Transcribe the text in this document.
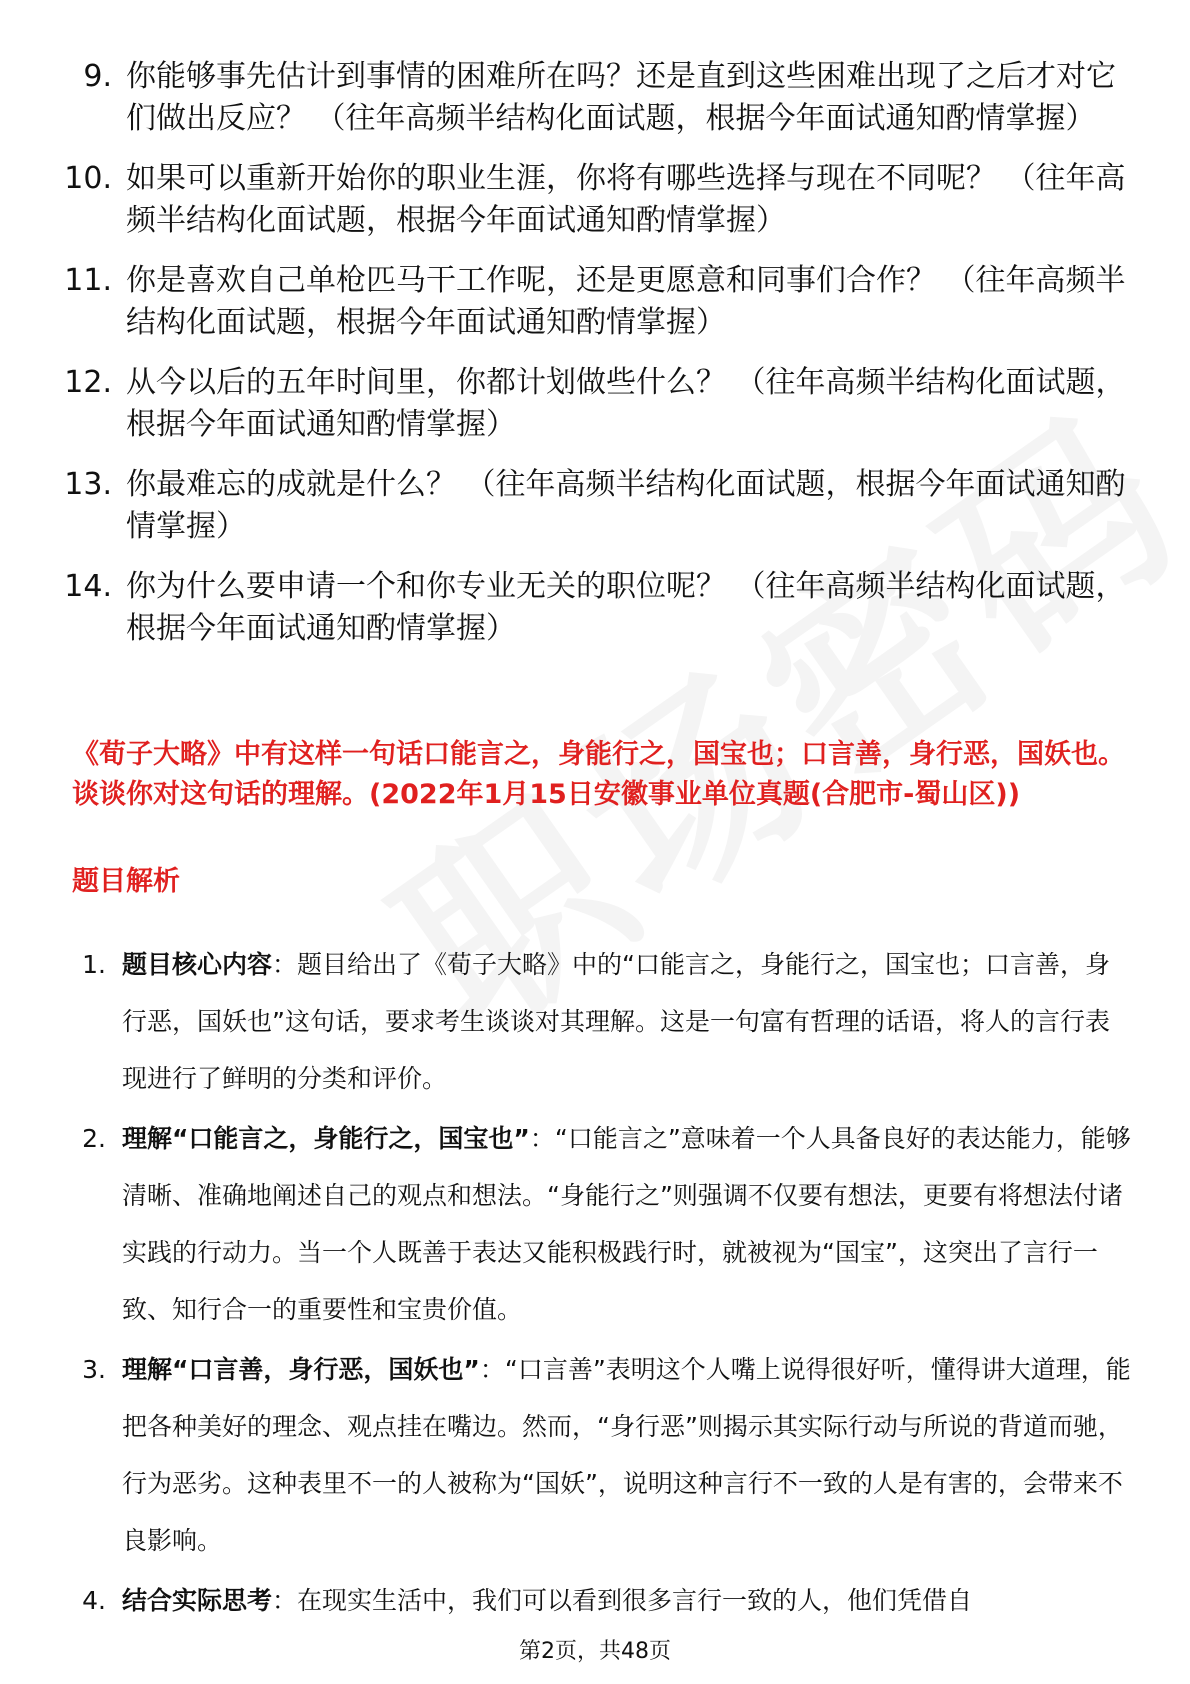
9. 你能够事先估计到事情的困难所在吗？还是直到这些困难出现了之后才对它们做出反应？ （往年高频半结构化面试题，根据今年面试通知酌情掌握）
10. 如果可以重新开始你的职业生涯，你将有哪些选择与现在不同呢？ （往年高频半结构化面试题，根据今年面试通知酌情掌握）
11. 你是喜欢自己单枪匹马干工作呢，还是更愿意和同事们合作？ （往年高频半结构化面试题，根据今年面试通知酌情掌握）
12. 从今以后的五年时间里，你都计划做些什么？ （往年高频半结构化面试题，根据今年面试通知酌情掌握）
13. 你最难忘的成就是什么？ （往年高频半结构化面试题，根据今年面试通知酌情掌握）
14. 你为什么要申请一个和你专业无关的职位呢？ （往年高频半结构化面试题，根据今年面试通知酌情掌握）

《荀子大略》中有这样一句话口能言之，身能行之，国宝也；口言善，身行恶，国妖也。谈谈你对这句话的理解。(2022年1月15日安徽事业单位真题(合肥市-蜀山区))

题目解析

1. 题目核心内容：题目给出了《荀子大略》中的“口能言之，身能行之，国宝也；口言善，身行恶，国妖也”这句话，要求考生谈谈对其理解。这是一句富有哲理的话语，将人的言行表现进行了鲜明的分类和评价。
2. 理解“口能言之，身能行之，国宝也”：“口能言之”意味着一个人具备良好的表达能力，能够清晰、准确地阐述自己的观点和想法。“身能行之”则强调不仅要有想法，更要有将想法付诸实践的行动力。当一个人既善于表达又能积极践行时，就被视为“国宝”，这突出了言行一致、知行合一的重要性和宝贵价值。
3. 理解“口言善，身行恶，国妖也”：“口言善”表明这个人嘴上说得很好听，懂得讲大道理，能把各种美好的理念、观点挂在嘴边。然而，“身行恶”则揭示其实际行动与所说的背道而驰，行为恶劣。这种表里不一的人被称为“国妖”，说明这种言行不一致的人是有害的，会带来不良影响。
4. 结合实际思考：在现实生活中，我们可以看到很多言行一致的人，他们凭借自
第2页，共48页
